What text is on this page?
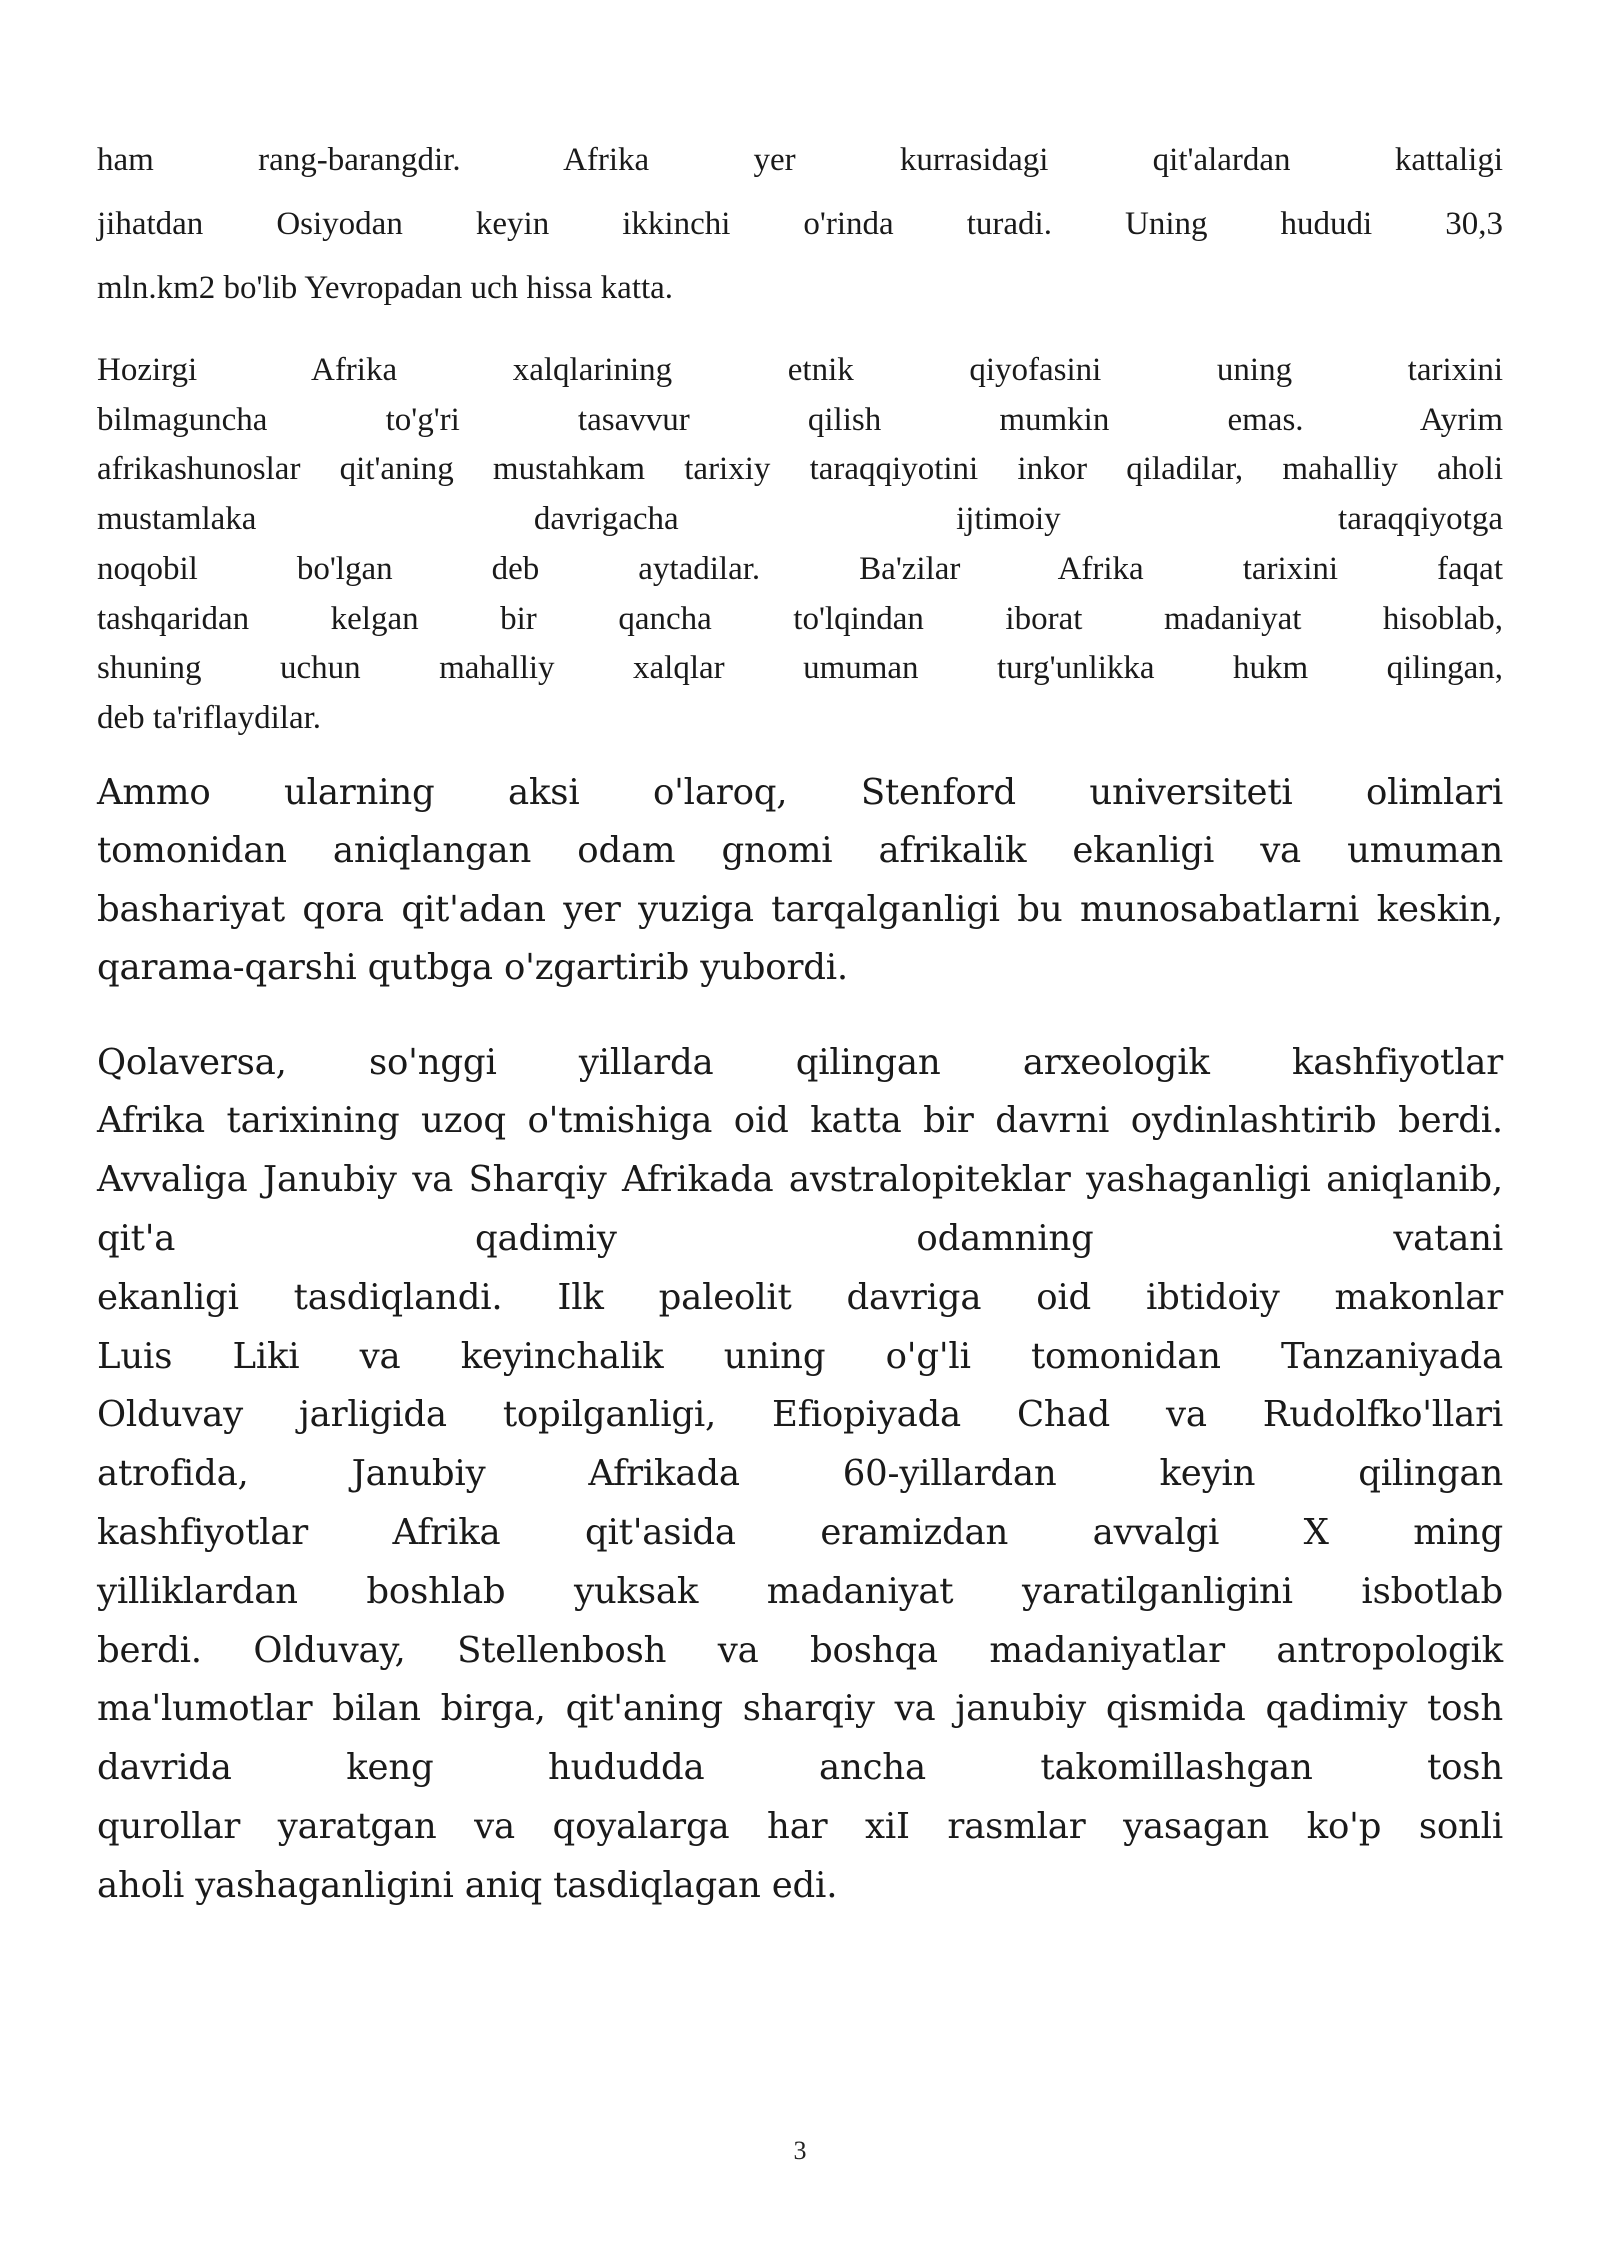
ham rang-barangdir. Afrika yer kurrasidagi qit'alardan kattaligi
jihatdan Osiyodan keyin ikkinchi o'rinda turadi. Uning hududi 30,3
mln.km2 bo'lib Yevropadan uch hissa katta.

Hozirgi Afrika xalqlarining etnik qiyofasini uning tarixini
bilmaguncha to'g'ri tasavvur qilish mumkin emas. Ayrim
afrikashunoslar qit'aning mustahkam tarixiy taraqqiyotini inkor qiladilar, mahalliy aholi
mustamlaka davrigacha ijtimoiy taraqqiyotga
noqobil bo'lgan deb aytadilar. Ba'zilar Afrika tarixini faqat
tashqaridan kelgan bir qancha to'lqindan iborat madaniyat hisoblab,
shuning uchun mahalliy xalqlar umuman turg'unlikka hukm qilingan,
deb ta'riflaydilar.

Ammo ularning aksi o'laroq, Stenford universiteti olimlari
tomonidan aniqlangan odam gnomi afrikalik ekanligi va umuman
bashariyat qora qit'adan yer yuziga tarqalganligi bu munosabatlarni keskin,
qarama-qarshi qutbga o'zgartirib yubordi.

Qolaversa, so'nggi yillarda qilingan arxeologik kashfiyotlar
Afrika tarixining uzoq o'tmishiga oid katta bir davrni oydinlashtirib berdi.
Avvaliga Janubiy va Sharqiy Afrikada avstralopiteklar yashaganligi aniqlanib,
qit'a qadimiy odamning vatani
ekanligi tasdiqlandi. Ilk paleolit davriga oid ibtidoiy makonlar
Luis Liki va keyinchalik uning o'g'li tomonidan Tanzaniyada
Olduvay jarligida topilganligi, Efiopiyada Chad va Rudolfko'llari
atrofida, Janubiy Afrikada 60-yillardan keyin qilingan
kashfiyotlar Afrika qit'asida eramizdan avvalgi X ming
yilliklardan boshlab yuksak madaniyat yaratilganligini isbotlab
berdi. Olduvay, Stellenbosh va boshqa madaniyatlar antropologik
ma'lumotlar bilan birga, qit'aning sharqiy va janubiy qismida qadimiy tosh
davrida keng hududda ancha takomillashgan tosh
qurollar yaratgan va qoyalarga har xiI rasmlar yasagan ko'p sonli
aholi yashaganligini aniq tasdiqlagan edi.

3
